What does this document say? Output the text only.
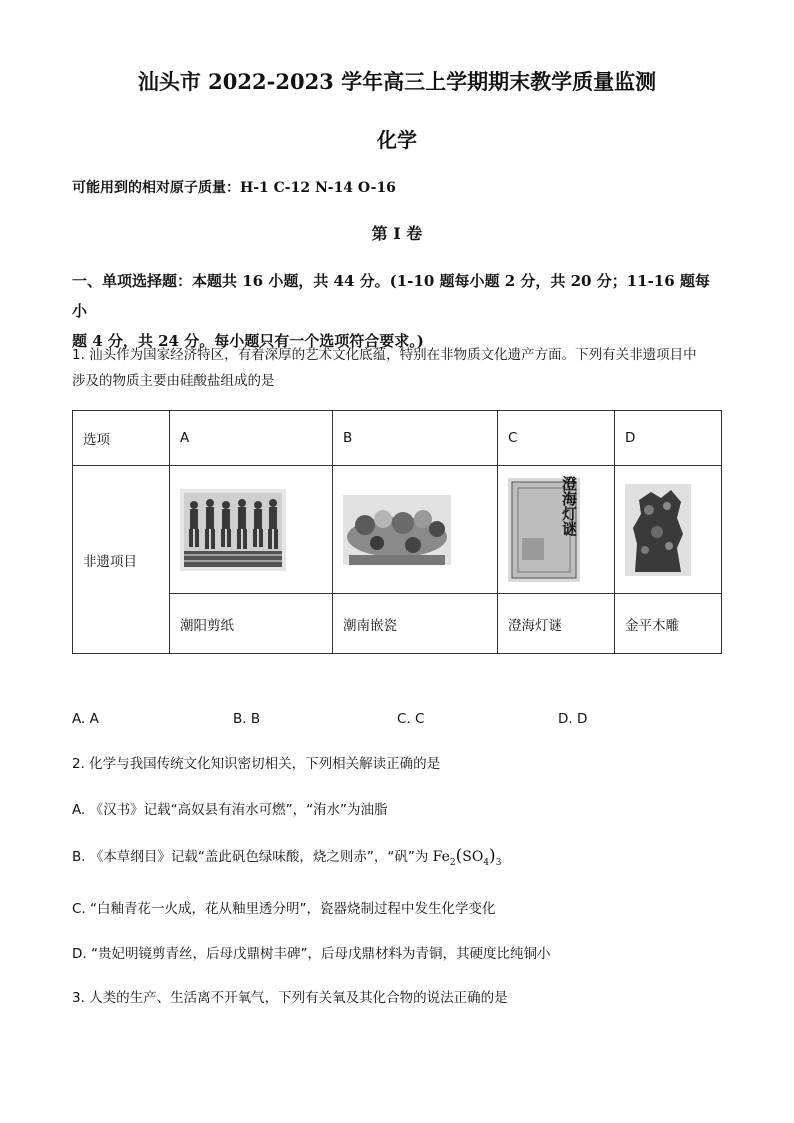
汕头市 2022-2023 学年高三上学期期末教学质量监测
化学
可能用到的相对原子质量：H-1 C-12 N-14 O-16
第 I 卷
一、单项选择题：本题共 16 小题，共 44 分。(1-10 题每小题 2 分，共 20 分；11-16 题每小
题 4 分，共 24 分。每小题只有一个选项符合要求。)
1. 汕头作为国家经济特区，有着深厚的艺术文化底蕴，特别在非物质文化遗产方面。下列有关非遗项目中
涉及的物质主要由硅酸盐组成的是
选项	A	B	C	D
非遗项目	

	潮阳剪纸	潮南嵌瓷	澄海灯谜	金平木雕
澄海灯谜
A. A	B. B	C. C	D. D
2. 化学与我国传统文化知识密切相关，下列相关解读正确的是
A. 《汉书》记载“高奴县有洧水可燃”，“洧水”为油脂
B. 《本草纲目》记载“盖此矾色绿味酸，烧之则赤”，“矾”为 $Fe_2(SO_4)_3$
C. “白釉青花一火成，花从釉里透分明”，瓷器烧制过程中发生化学变化
D. “贵妃明镜剪青丝，后母戊鼎树丰碑”，后母戊鼎材料为青铜，其硬度比纯铜小
3. 人类的生产、生活离不开氧气，下列有关氧及其化合物的说法正确的是
